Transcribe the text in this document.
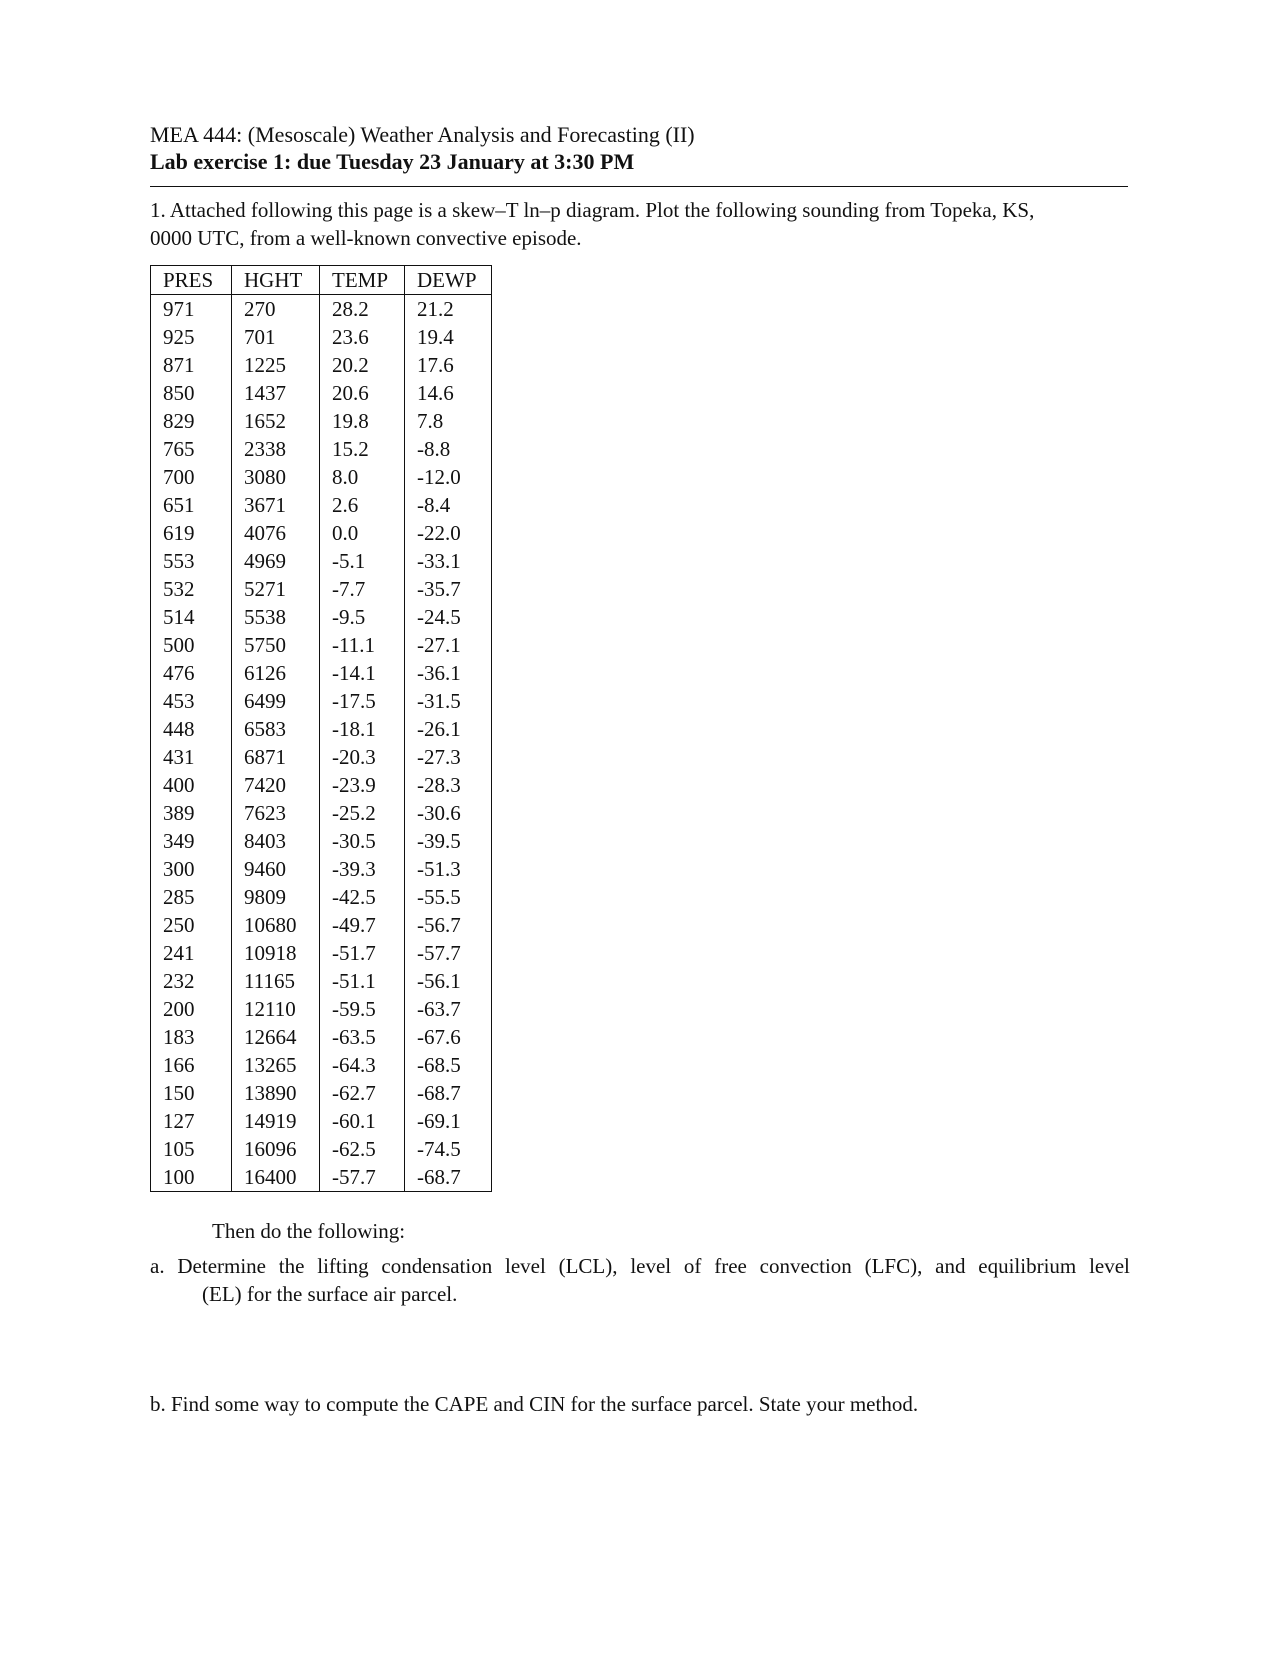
MEA 444: (Mesoscale) Weather Analysis and Forecasting (II)
Lab exercise 1: due Tuesday 23 January at 3:30 PM
1. Attached following this page is a skew–T ln–p diagram. Plot the following sounding from Topeka, KS,
0000 UTC, from a well-known convective episode.
PRES	HGHT	TEMP	DEWP
971	270	28.2	21.2
925	701	23.6	19.4
871	1225	20.2	17.6
850	1437	20.6	14.6
829	1652	19.8	7.8
765	2338	15.2	-8.8
700	3080	8.0	-12.0
651	3671	2.6	-8.4
619	4076	0.0	-22.0
553	4969	-5.1	-33.1
532	5271	-7.7	-35.7
514	5538	-9.5	-24.5
500	5750	-11.1	-27.1
476	6126	-14.1	-36.1
453	6499	-17.5	-31.5
448	6583	-18.1	-26.1
431	6871	-20.3	-27.3
400	7420	-23.9	-28.3
389	7623	-25.2	-30.6
349	8403	-30.5	-39.5
300	9460	-39.3	-51.3
285	9809	-42.5	-55.5
250	10680	-49.7	-56.7
241	10918	-51.7	-57.7
232	11165	-51.1	-56.1
200	12110	-59.5	-63.7
183	12664	-63.5	-67.6
166	13265	-64.3	-68.5
150	13890	-62.7	-68.7
127	14919	-60.1	-69.1
105	16096	-62.5	-74.5
100	16400	-57.7	-68.7
Then do the following:
a. Determine the lifting condensation level (LCL), level of free convection (LFC), and equilibrium level
(EL) for the surface air parcel.
b. Find some way to compute the CAPE and CIN for the surface parcel. State your method.
